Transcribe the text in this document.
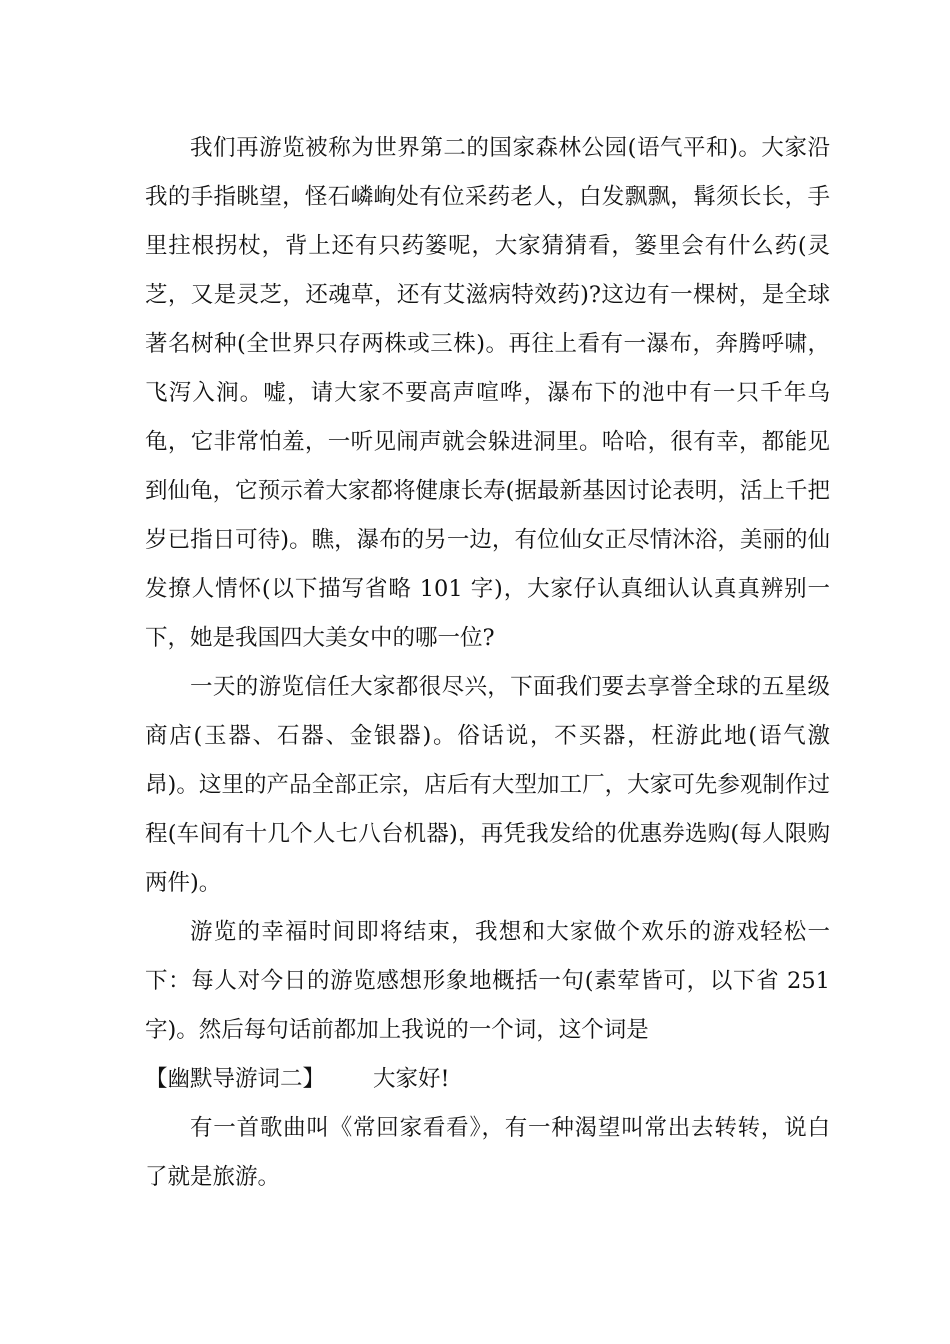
我们再游览被称为世界第二的国家森林公园(语气平和)。大家沿我的手指眺望，怪石嶙峋处有位采药老人，白发飘飘，髯须长长，手里拄根拐杖，背上还有只药篓呢，大家猜猜看，篓里会有什么药(灵芝，又是灵芝，还魂草，还有艾滋病特效药)?这边有一棵树，是全球著名树种(全世界只存两株或三株)。再往上看有一瀑布，奔腾呼啸，飞泻入涧。嘘，请大家不要高声喧哗，瀑布下的池中有一只千年乌龟，它非常怕羞，一听见闹声就会躲进洞里。哈哈，很有幸，都能见到仙龟，它预示着大家都将健康长寿(据最新基因讨论表明，活上千把岁已指日可待)。瞧，瀑布的另一边，有位仙女正尽情沐浴，美丽的仙发撩人情怀(以下描写省略 101 字)，大家仔认真细认认真真辨别一下，她是我国四大美女中的哪一位?

一天的游览信任大家都很尽兴，下面我们要去享誉全球的五星级商店(玉器、石器、金银器)。俗话说，不买器，枉游此地(语气激昂)。这里的产品全部正宗，店后有大型加工厂，大家可先参观制作过程(车间有十几个人七八台机器)，再凭我发给的优惠券选购(每人限购两件)。

游览的幸福时间即将结束，我想和大家做个欢乐的游戏轻松一下：每人对今日的游览感想形象地概括一句(素荤皆可，以下省 251 字)。然后每句话前都加上我说的一个词，这个词是

【幽默导游词二】 大家好!

有一首歌曲叫《常回家看看》，有一种渴望叫常出去转转，说白了就是旅游。
